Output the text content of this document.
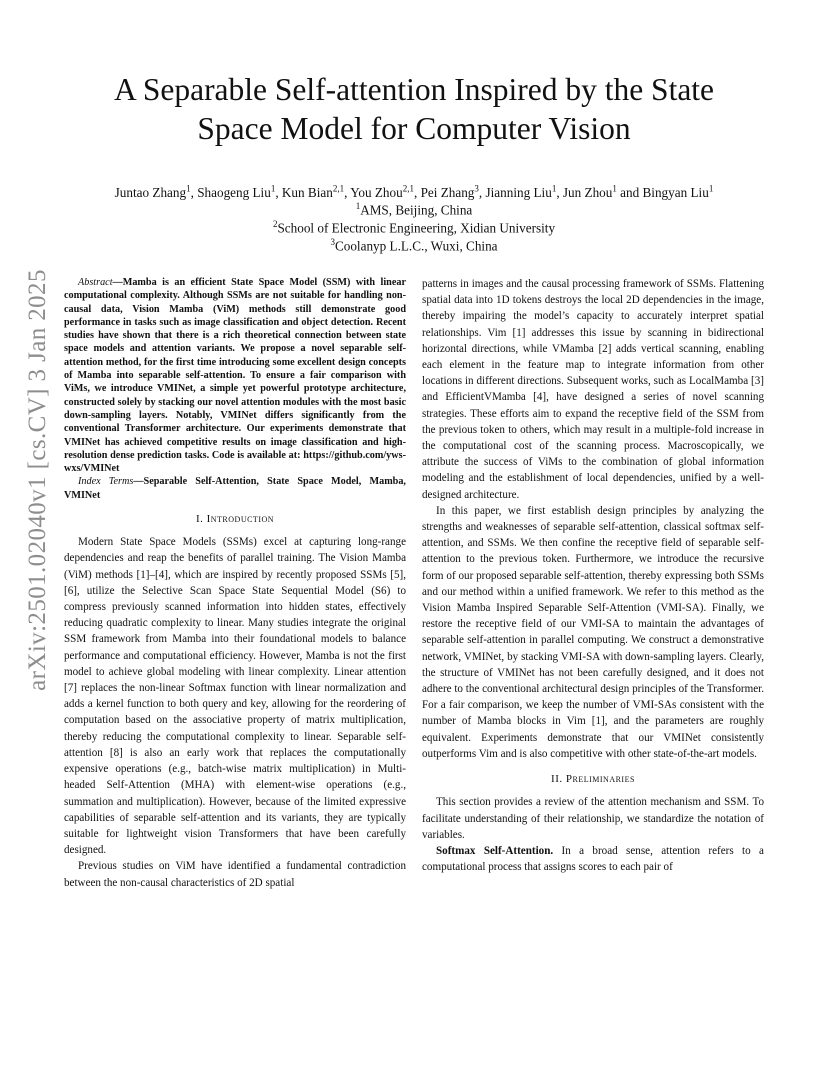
arXiv:2501.02040v1 [cs.CV] 3 Jan 2025
A Separable Self-attention Inspired by the State
Space Model for Computer Vision
Juntao Zhang$^1$, Shaogeng Liu$^1$, Kun Bian$^{2,1}$, You Zhou$^{2,1}$, Pei Zhang$^3$, Jianning Liu$^1$, Jun Zhou$^1$ and Bingyan Liu$^1$
$^1$AMS, Beijing, China
$^2$School of Electronic Engineering, Xidian University
$^3$Coolanyp L.L.C., Wuxi, China

Abstract—Mamba is an efficient State Space Model (SSM) with linear computational complexity. Although SSMs are not suitable for handling non-causal data, Vision Mamba (ViM) methods still demonstrate good performance in tasks such as image classification and object detection. Recent studies have shown that there is a rich theoretical connection between state space models and attention variants. We propose a novel separable self-attention method, for the first time introducing some excellent design concepts of Mamba into separable self-attention. To ensure a fair comparison with ViMs, we introduce VMINet, a simple yet powerful prototype architecture, constructed solely by stacking our novel attention modules with the most basic down-sampling layers. Notably, VMINet differs significantly from the conventional Transformer architecture. Our experiments demonstrate that VMINet has achieved competitive results on image classification and high-resolution dense prediction tasks. Code is available at: https://github.com/yws-wxs/VMINet

Index Terms—Separable Self-Attention, State Space Model, Mamba, VMINet

I. Introduction

Modern State Space Models (SSMs) excel at capturing long-range dependencies and reap the benefits of parallel training. The Vision Mamba (ViM) methods [1]–[4], which are inspired by recently proposed SSMs [5], [6], utilize the Selective Scan Space State Sequential Model (S6) to compress previously scanned information into hidden states, effectively reducing quadratic complexity to linear. Many studies integrate the original SSM framework from Mamba into their foundational models to balance performance and computational efficiency. However, Mamba is not the first model to achieve global modeling with linear complexity. Linear attention [7] replaces the non-linear Softmax function with linear normalization and adds a kernel function to both query and key, allowing for the reordering of computation based on the associative property of matrix multiplication, thereby reducing the computational complexity to linear. Separable self-attention [8] is also an early work that replaces the computationally expensive operations (e.g., batch-wise matrix multiplication) in Multi-headed Self-Attention (MHA) with element-wise operations (e.g., summation and multiplication). However, because of the limited expressive capabilities of separable self-attention and its variants, they are typically suitable for lightweight vision Transformers that have been carefully designed.

Previous studies on ViM have identified a fundamental contradiction between the non-causal characteristics of 2D spatial

patterns in images and the causal processing framework of SSMs. Flattening spatial data into 1D tokens destroys the local 2D dependencies in the image, thereby impairing the model’s capacity to accurately interpret spatial relationships. Vim [1] addresses this issue by scanning in bidirectional horizontal directions, while VMamba [2] adds vertical scanning, enabling each element in the feature map to integrate information from other locations in different directions. Subsequent works, such as LocalMamba [3] and EfficientVMamba [4], have designed a series of novel scanning strategies. These efforts aim to expand the receptive field of the SSM from the previous token to others, which may result in a multiple-fold increase in the computational cost of the scanning process. Macroscopically, we attribute the success of ViMs to the combination of global information modeling and the establishment of local dependencies, unified by a well-designed architecture.

In this paper, we first establish design principles by analyzing the strengths and weaknesses of separable self-attention, classical softmax self-attention, and SSMs. We then confine the receptive field of separable self-attention to the previous token. Furthermore, we introduce the recursive form of our proposed separable self-attention, thereby expressing both SSMs and our method within a unified framework. We refer to this method as the Vision Mamba Inspired Separable Self-Attention (VMI-SA). Finally, we restore the receptive field of our VMI-SA to maintain the advantages of separable self-attention in parallel computing. We construct a demonstrative network, VMINet, by stacking VMI-SA with down-sampling layers. Clearly, the structure of VMINet has not been carefully designed, and it does not adhere to the conventional architectural design principles of the Transformer. For a fair comparison, we keep the number of VMI-SAs consistent with the number of Mamba blocks in Vim [1], and the parameters are roughly equivalent. Experiments demonstrate that our VMINet consistently outperforms Vim and is also competitive with other state-of-the-art models.

II. Preliminaries

This section provides a review of the attention mechanism and SSM. To facilitate understanding of their relationship, we standardize the notation of variables.

Softmax Self-Attention. In a broad sense, attention refers to a computational process that assigns scores to each pair of
